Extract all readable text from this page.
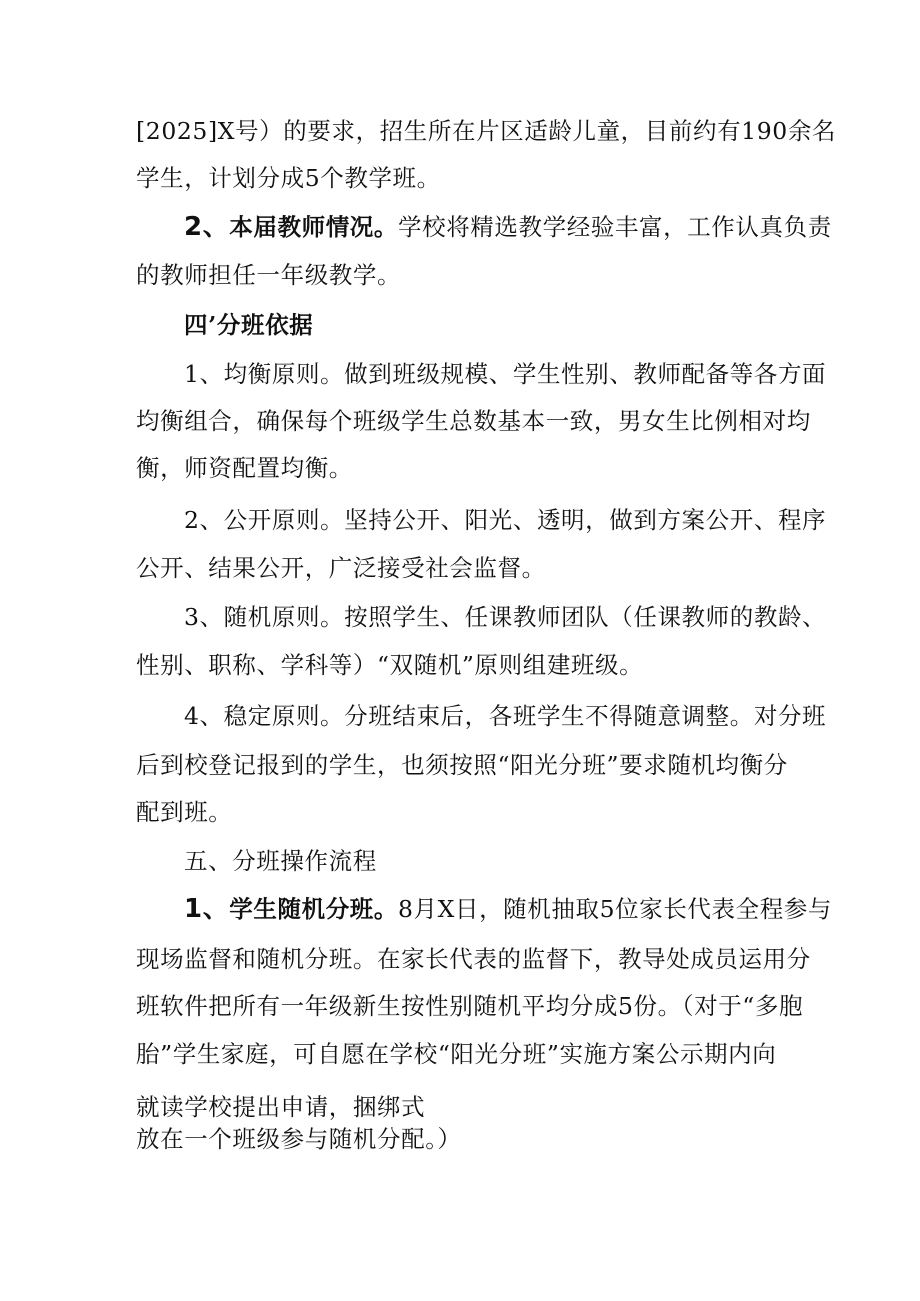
[2025]X号）的要求，招生所在片区适龄儿童，目前约有190余名
学生，计划分成5个教学班。
2、本届教师情况。学校将精选教学经验丰富，工作认真负责
的教师担任一年级教学。
四’分班依据
1、均衡原则。做到班级规模、学生性别、教师配备等各方面
均衡组合，确保每个班级学生总数基本一致，男女生比例相对均
衡，师资配置均衡。
2、公开原则。坚持公开、阳光、透明，做到方案公开、程序
公开、结果公开，广泛接受社会监督。
3、随机原则。按照学生、任课教师团队（任课教师的教龄、
性别、职称、学科等）“双随机”原则组建班级。
4、稳定原则。分班结束后，各班学生不得随意调整。对分班
后到校登记报到的学生，也须按照“阳光分班”要求随机均衡分
配到班。
五、分班操作流程
1、学生随机分班。8月X日，随机抽取5位家长代表全程参与
现场监督和随机分班。在家长代表的监督下，教导处成员运用分
班软件把所有一年级新生按性别随机平均分成5份。（对于“多胞
胎”学生家庭，可自愿在学校“阳光分班”实施方案公示期内向
就读学校提出申请，捆绑式
放在一个班级参与随机分配。）
